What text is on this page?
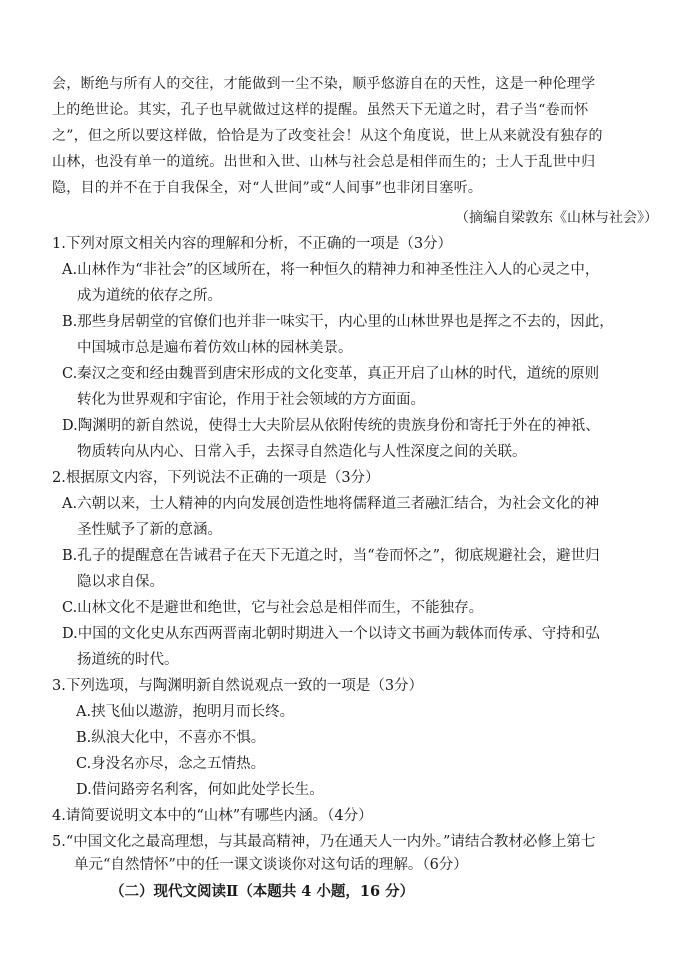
会，断绝与所有人的交往，才能做到一尘不染，顺乎悠游自在的天性，这是一种伦理学
上的绝世论。其实，孔子也早就做过这样的提醒。虽然天下无道之时，君子当“卷而怀
之”，但之所以要这样做，恰恰是为了改变社会！从这个角度说，世上从来就没有独存的
山林，也没有单一的道统。出世和入世、山林与社会总是相伴而生的；士人于乱世中归
隐，目的并不在于自我保全，对“人世间”或“人间事”也非闭目塞听。
（摘编自梁敦东《山林与社会》）
1.下列对原文相关内容的理解和分析，不正确的一项是（3分）
A.山林作为“非社会”的区域所在，将一种恒久的精神力和神圣性注入人的心灵之中，
成为道统的依存之所。
B.那些身居朝堂的官僚们也并非一味实干，内心里的山林世界也是挥之不去的，因此，
中国城市总是遍布着仿效山林的园林美景。
C.秦汉之变和经由魏晋到唐宋形成的文化变革，真正开启了山林的时代，道统的原则
转化为世界观和宇宙论，作用于社会领域的方方面面。
D.陶渊明的新自然说，使得士大夫阶层从依附传统的贵族身份和寄托于外在的神祇、
物质转向从内心、日常入手，去探寻自然造化与人性深度之间的关联。
2.根据原文内容，下列说法不正确的一项是（3分）
A.六朝以来，士人精神的内向发展创造性地将儒释道三者融汇结合，为社会文化的神
圣性赋予了新的意涵。
B.孔子的提醒意在告诫君子在天下无道之时，当“卷而怀之”，彻底规避社会，避世归
隐以求自保。
C.山林文化不是避世和绝世，它与社会总是相伴而生，不能独存。
D.中国的文化史从东西两晋南北朝时期进入一个以诗文书画为载体而传承、守持和弘
扬道统的时代。
3.下列选项，与陶渊明新自然说观点一致的一项是（3分）
A.挟飞仙以遨游，抱明月而长终。
B.纵浪大化中，不喜亦不惧。
C.身没名亦尽，念之五情热。
D.借问路旁名利客，何如此处学长生。
4.请简要说明文本中的“山林”有哪些内涵。（4分）
5.“中国文化之最高理想，与其最高精神，乃在通天人一内外。”请结合教材必修上第七
单元“自然情怀”中的任一课文谈谈你对这句话的理解。（6分）
（二）现代文阅读Ⅱ（本题共 4 小题，16 分）
